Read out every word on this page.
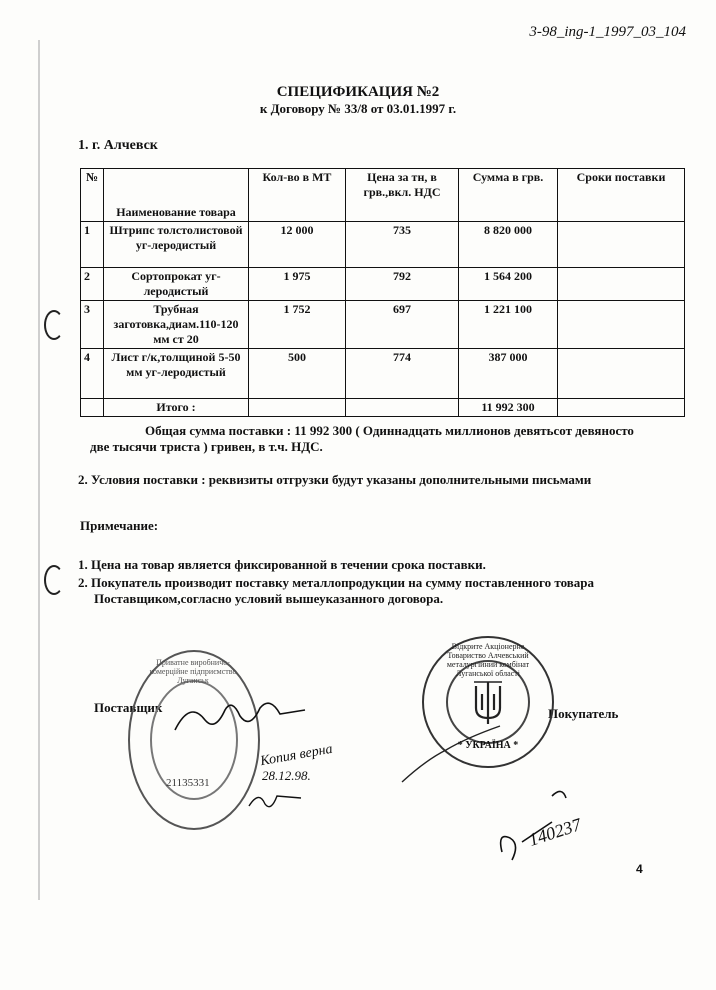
3-98_ing-1_1997_03_104
СПЕЦИФИКАЦИЯ №2
к Договору № 33/8 от 03.01.1997 г.
1. г. Алчевск
№	Наименование товара	Кол-во в МТ	Цена за тн, в грв.,вкл. НДС	Сумма в грв.	Сроки поставки
1	Штрипс толстолистовой уг-леродистый	12 000	735	8 820 000	
2	Сортопрокат уг-леродистый	1 975	792	1 564 200	
3	Трубная заготовка,диам.110-120 мм ст 20	1 752	697	1 221 100	
4	Лист г/к,толщиной 5-50 мм уг-леродистый	500	774	387 000	
	Итого :			11 992 300	
Общая сумма поставки : 11 992 300 ( Одиннадцать миллионов девятьсот девяносто
две тысячи триста ) гривен, в т.ч. НДС.
2. Условия поставки : реквизиты отгрузки будут указаны дополнительными письмами
Примечание:
1. Цена на товар является фиксированной в течении срока поставки.
2. Покупатель производит поставку металлопродукции на сумму поставленного товара
Поставщиком,согласно условий вышеуказанного договора.
Поставщик	Покупатель
Приватне виробничо-комерційне підприємство Луганськ
21135331
Відкрите Акціонерне Товариство Алчевський металургійний комбінат Луганської області
* УКРАЇНА *
Копия верна
28.12.98.
140237
4
